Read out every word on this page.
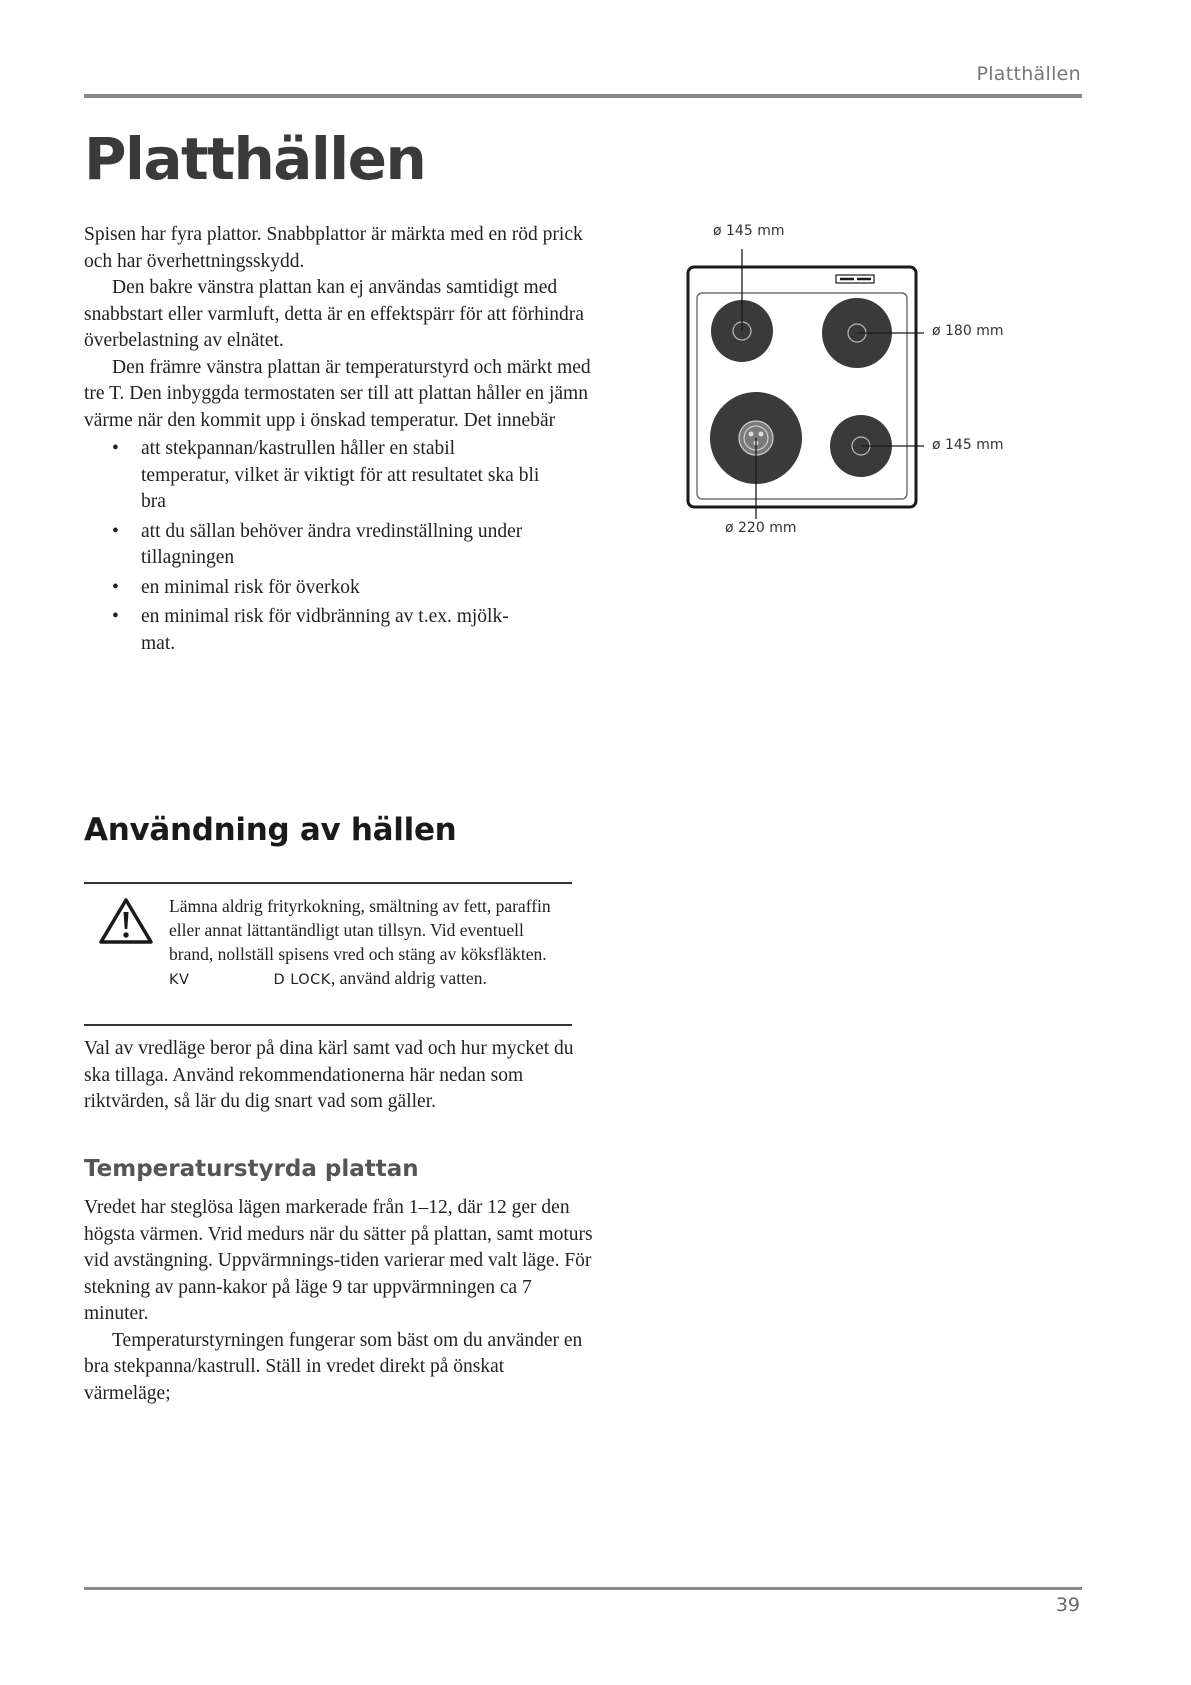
Platthällen
Platthällen

Spisen har fyra plattor. Snabbplattor är märkta med en röd prick och har överhettningsskydd.

Den bakre vänstra plattan kan ej användas samtidigt med snabbstart eller varmluft, detta är en effektspärr för att förhindra överbelastning av elnätet.

Den främre vänstra plattan är temperaturstyrd och märkt med tre T. Den inbyggda termostaten ser till att plattan håller en jämn värme när den kommit upp i önskad temperatur. Det innebär

• att stekpannan/kastrullen håller en stabil temperatur, vilket är viktigt för att resultatet ska bli bra
• att du sällan behöver ändra vredinställning under tillagningen
• en minimal risk för överkok
• en minimal risk för vidbränning av t.ex. mjölk-mat.
ø 145 mm
ø 180 mm
ø 145 mm
ø 220 mm
Användning av hällen
Lämna aldrig frityrkokning, smältning av fett, paraffin eller annat lättantändligt utan tillsyn. Vid eventuell brand, nollställ spisens vred och stäng av köksfläkten. KV	D LOCK, använd aldrig vatten.

Val av vredläge beror på dina kärl samt vad och hur mycket du ska tillaga. Använd rekommendationerna här nedan som riktvärden, så lär du dig snart vad som gäller.

Temperaturstyrda plattan

Vredet har steglösa lägen markerade från 1–12, där 12 ger den högsta värmen. Vrid medurs när du sätter på plattan, samt moturs vid avstängning. Uppvärmnings-tiden varierar med valt läge. För stekning av pann-kakor på läge 9 tar uppvärmningen ca 7 minuter.

Temperaturstyrningen fungerar som bäst om du använder en bra stekpanna/kastrull. Ställ in vredet direkt på önskat värmeläge;

39
